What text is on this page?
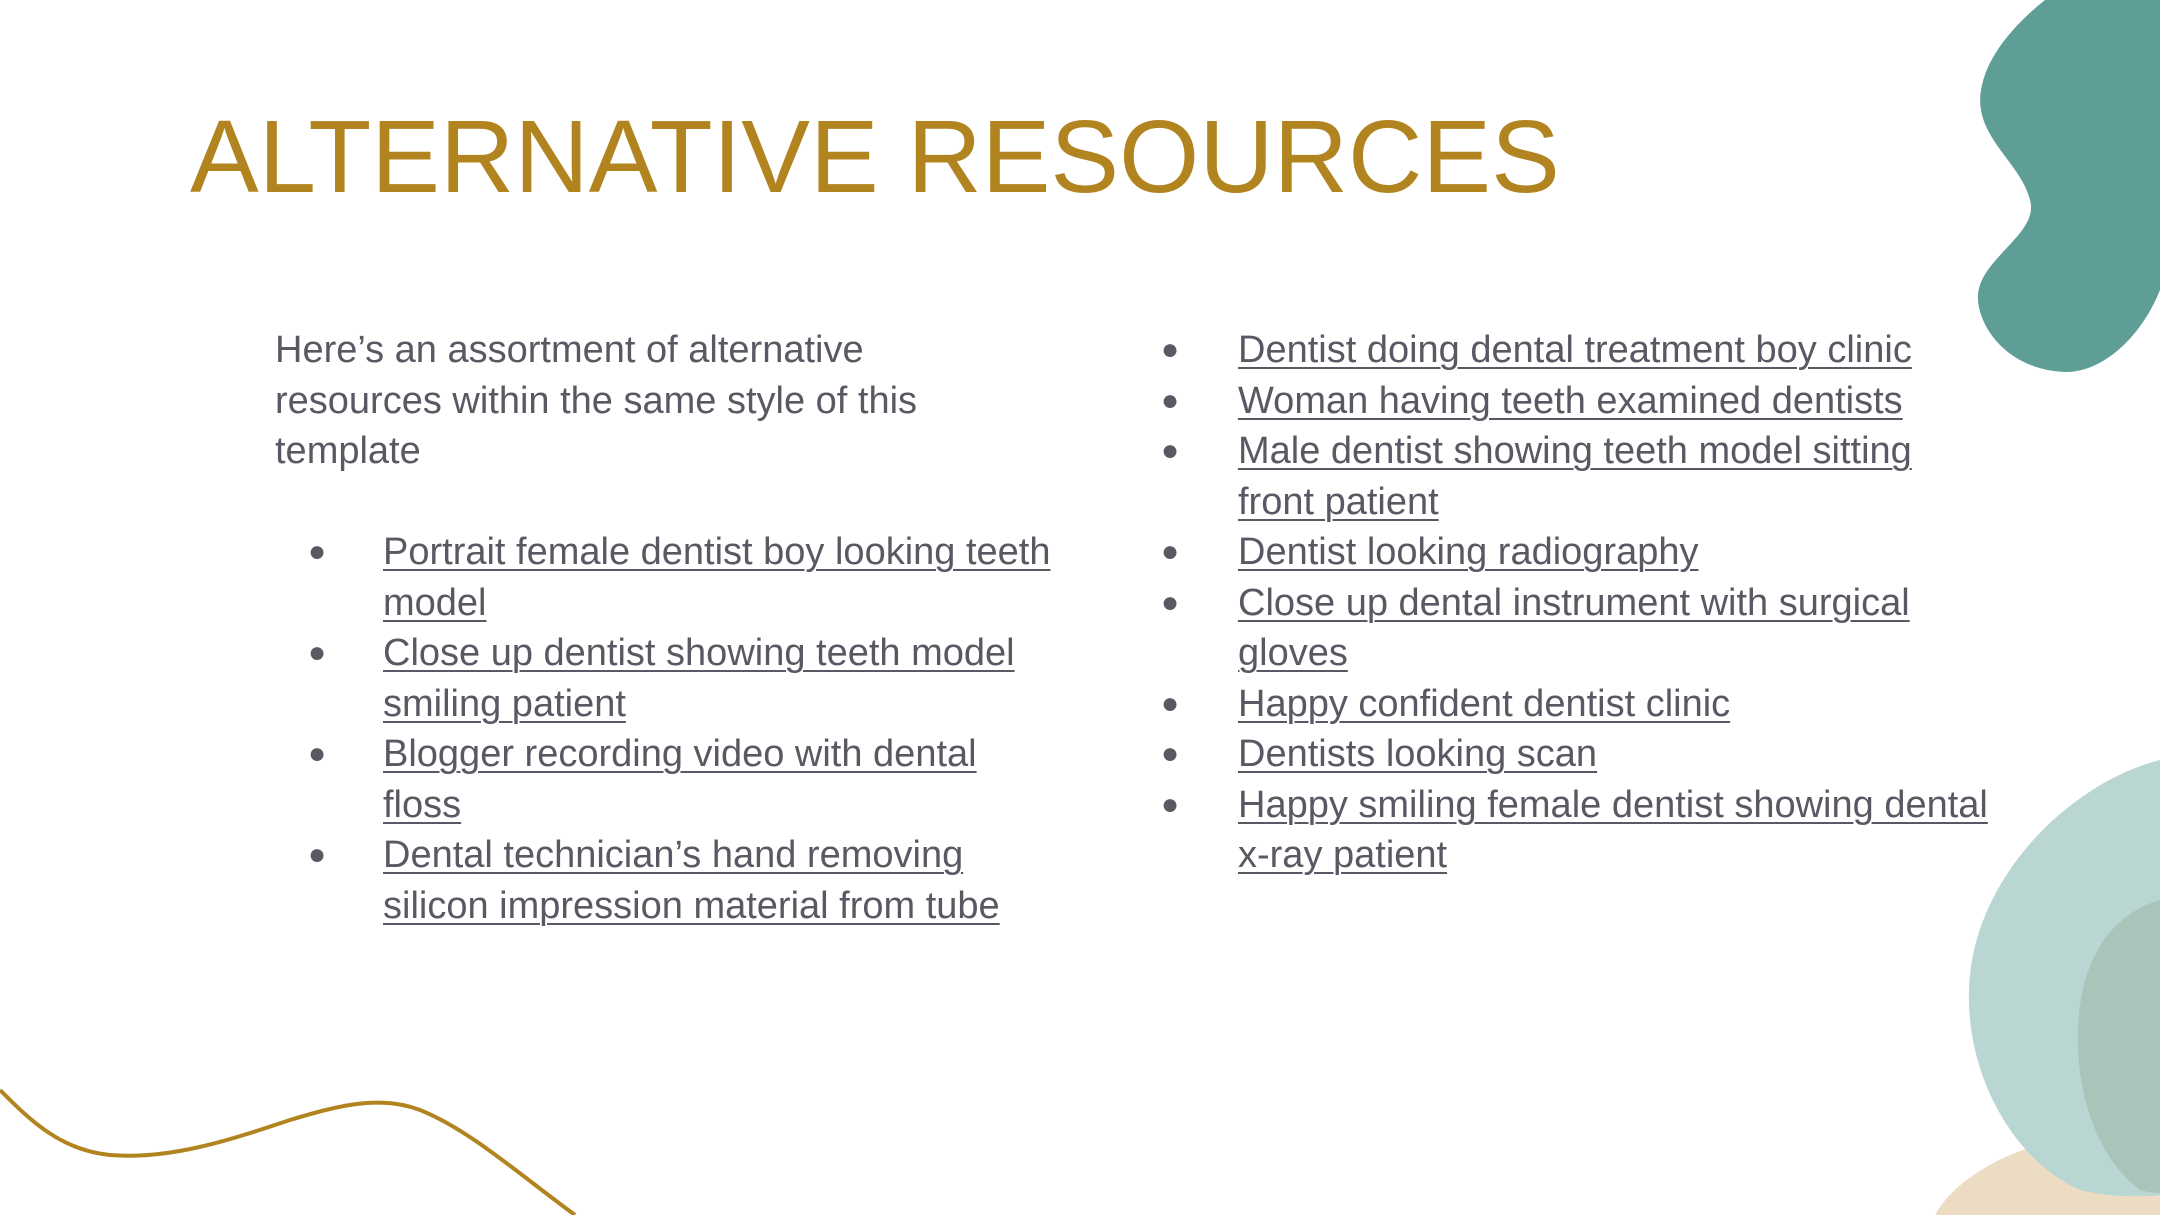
ALTERNATIVE RESOURCES

Here’s an assortment of alternative resources within the same style of this template

● Portrait female dentist boy looking teeth model
● Close up dentist showing teeth model smiling patient
● Blogger recording video with dental floss
● Dental technician’s hand removing silicon impression material from tube
● Dentist doing dental treatment boy clinic
● Woman having teeth examined dentists
● Male dentist showing teeth model sitting front patient
● Dentist looking radiography
● Close up dental instrument with surgical gloves
● Happy confident dentist clinic
● Dentists looking scan
● Happy smiling female dentist showing dental x-ray patient
